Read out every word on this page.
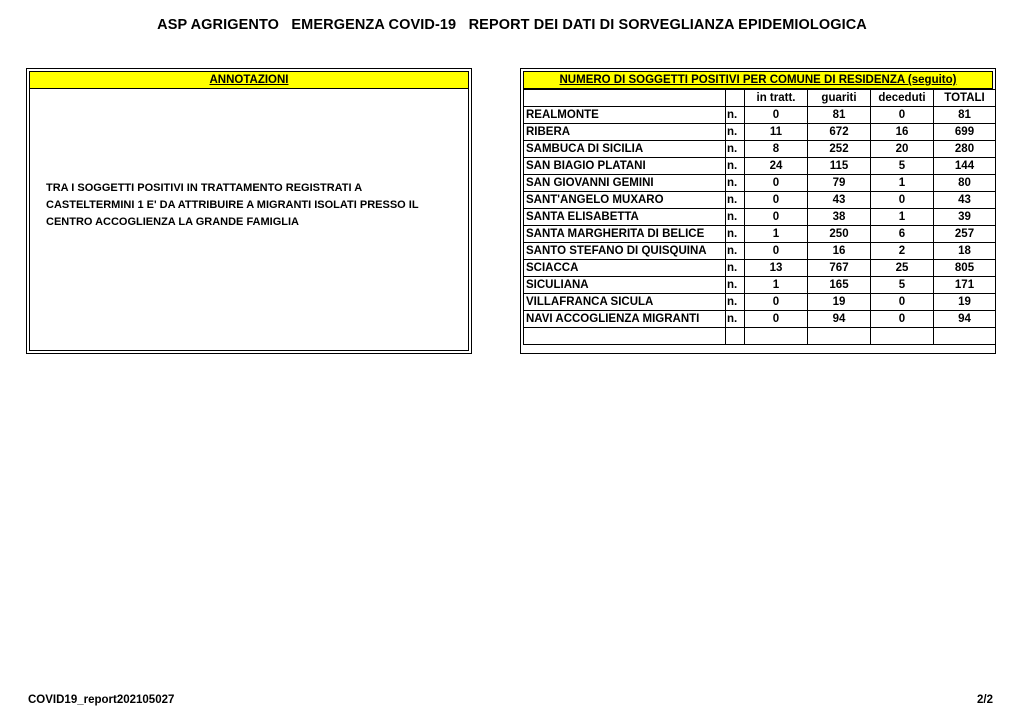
ASP AGRIGENTO   EMERGENZA COVID-19   REPORT DEI DATI DI SORVEGLIANZA EPIDEMIOLOGICA
ANNOTAZIONI
TRA I SOGGETTI POSITIVI IN TRATTAMENTO REGISTRATI A
CASTELTERMINI 1 E' DA ATTRIBUIRE A MIGRANTI ISOLATI PRESSO IL
CENTRO ACCOGLIENZA LA GRANDE FAMIGLIA
NUMERO DI SOGGETTI POSITIVI PER COMUNE DI RESIDENZA (seguito)
		in tratt.	guariti	deceduti	TOTALI
REALMONTE	n.	0	81	0	81
RIBERA	n.	11	672	16	699
SAMBUCA DI SICILIA	n.	8	252	20	280
SAN BIAGIO PLATANI	n.	24	115	5	144
SAN GIOVANNI GEMINI	n.	0	79	1	80
SANT'ANGELO MUXARO	n.	0	43	0	43
SANTA ELISABETTA	n.	0	38	1	39
SANTA MARGHERITA DI BELICE	n.	1	250	6	257
SANTO STEFANO DI QUISQUINA	n.	0	16	2	18
SCIACCA	n.	13	767	25	805
SICULIANA	n.	1	165	5	171
VILLAFRANCA SICULA	n.	0	19	0	19
NAVI ACCOGLIENZA MIGRANTI	n.	0	94	0	94

COVID19_report202105027	2/2
